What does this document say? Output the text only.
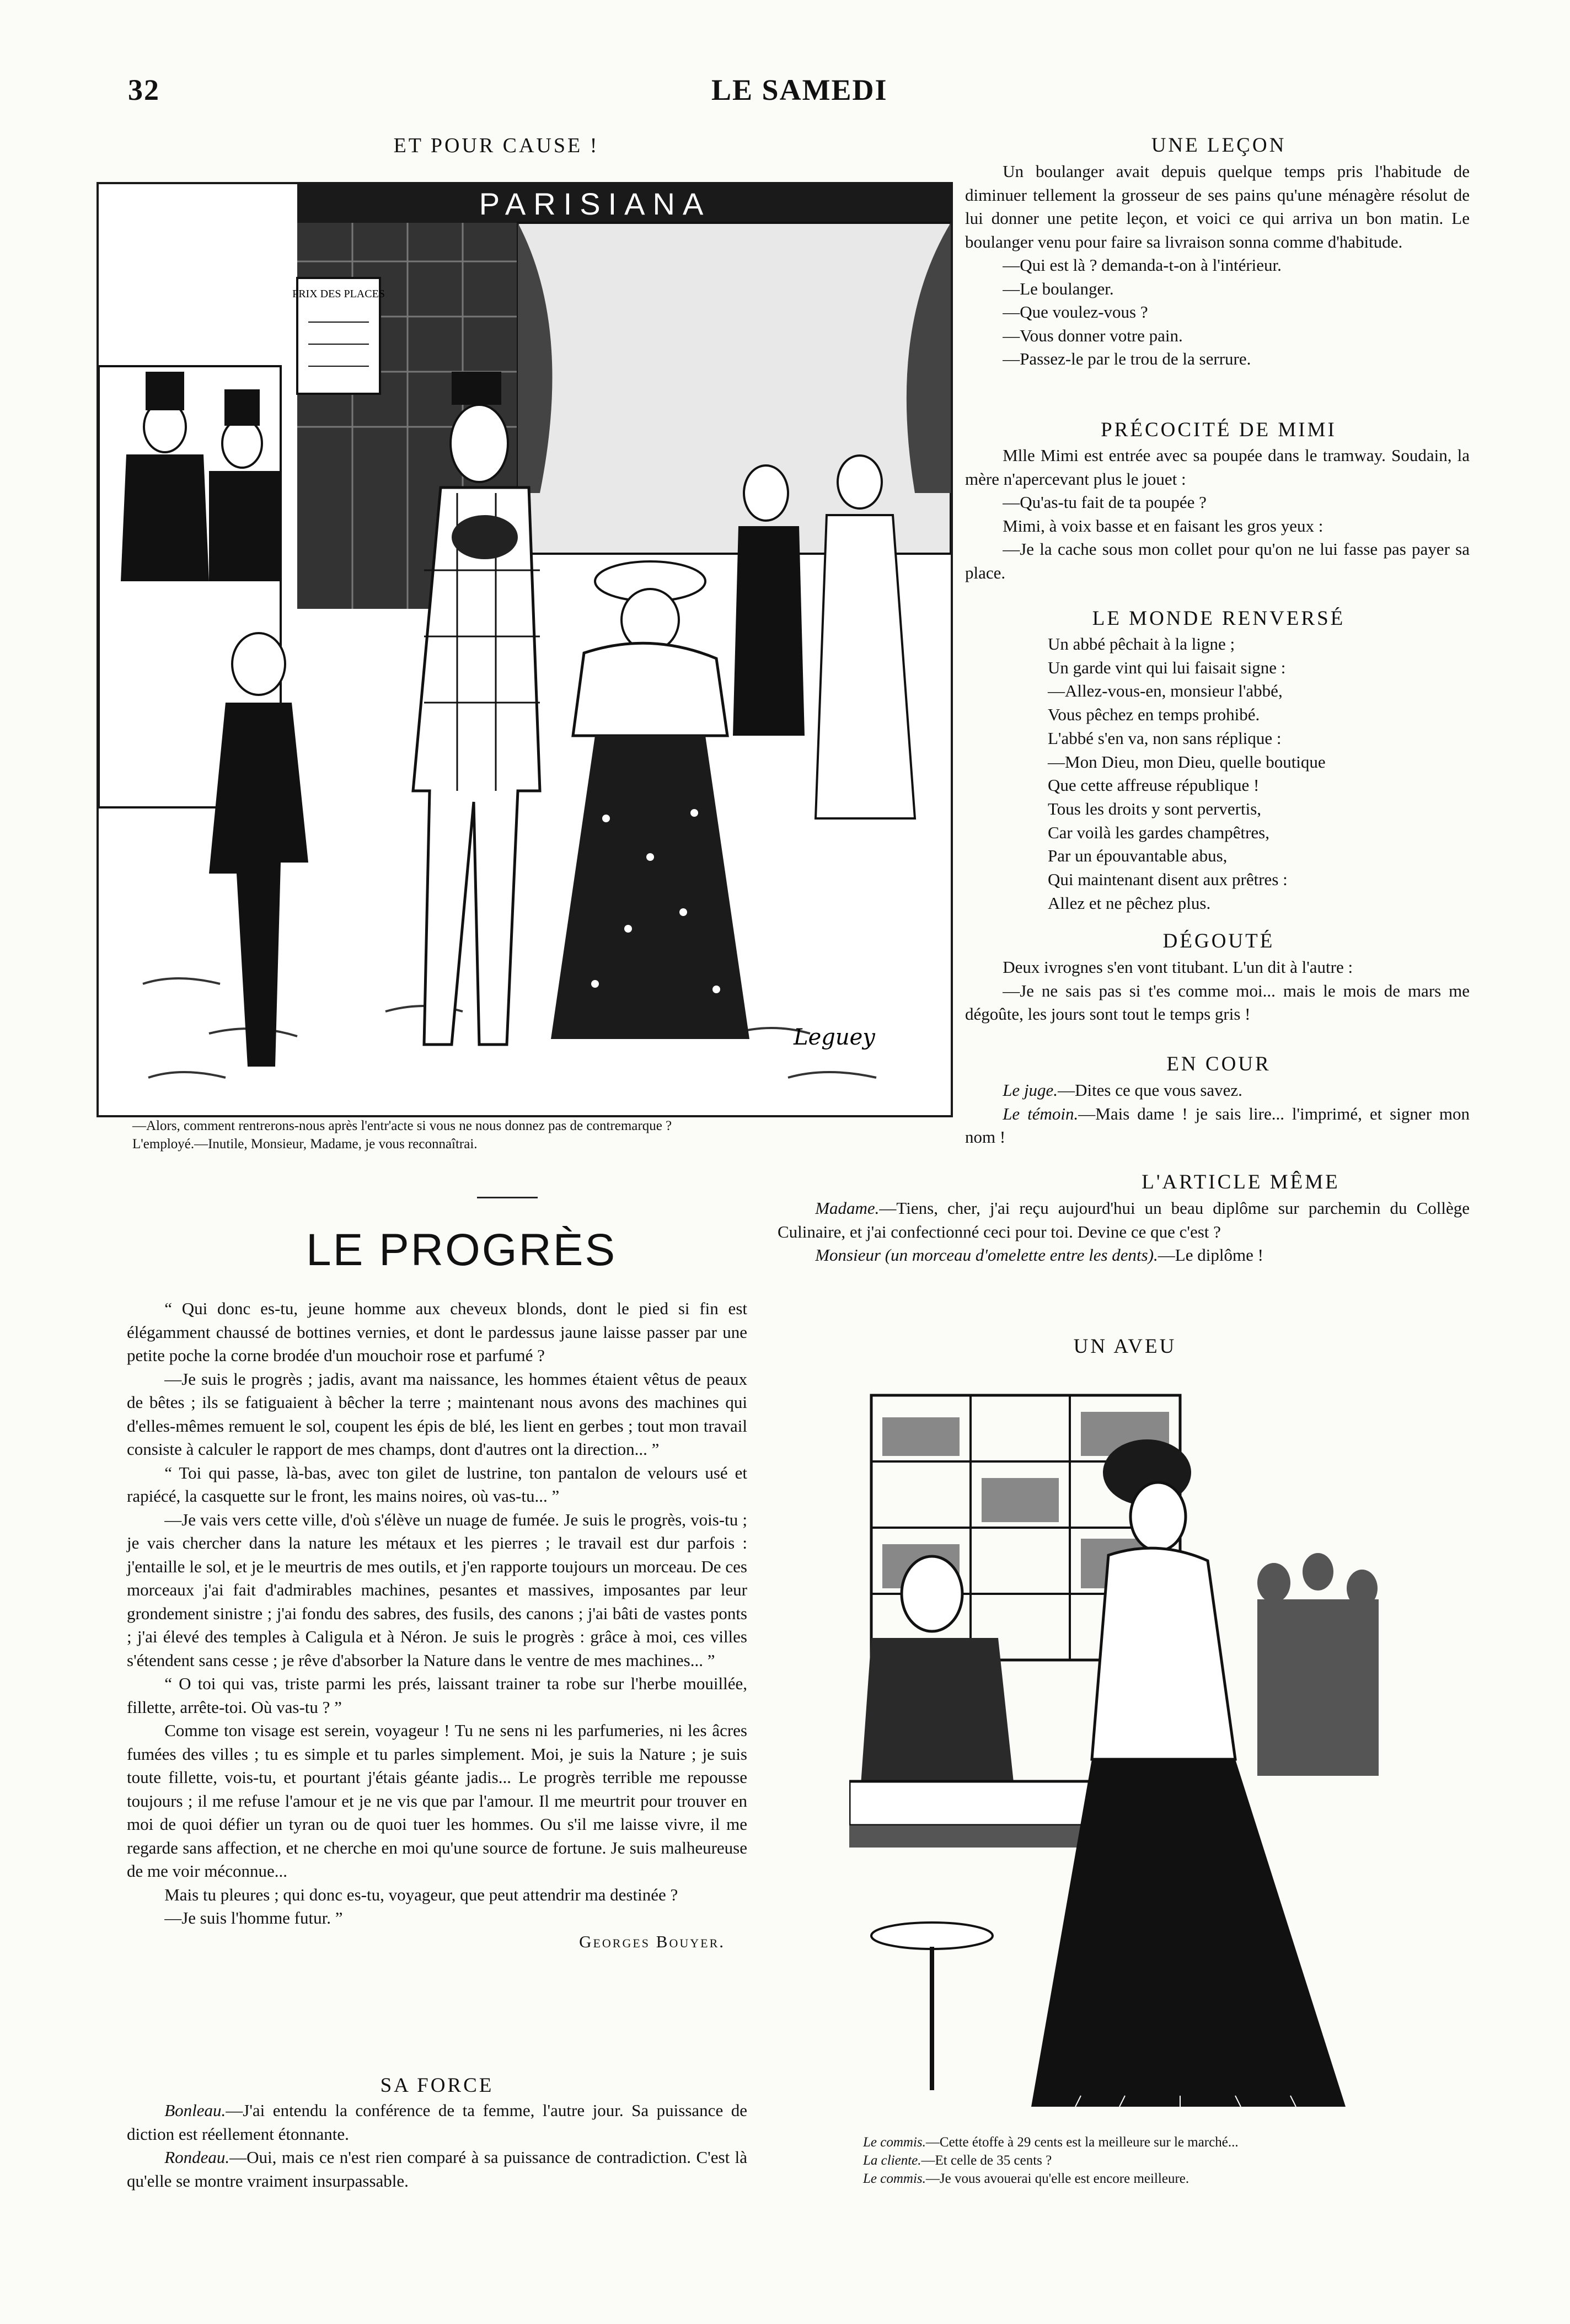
32	LE SAMEDI
ET POUR CAUSE !
PARISIANA
PRIX DES PLACES
Leguey
—Alors, comment rentrerons-nous après l'entr'acte si vous ne nous donnez pas de contremarque ?
L'employé.—Inutile, Monsieur, Madame, je vous reconnaîtrai.
UNE LEÇON

Un boulanger avait depuis quelque temps pris l'habitude de diminuer tellement la grosseur de ses pains qu'une ménagère résolut de lui donner une petite leçon, et voici ce qui arriva un bon matin. Le boulanger venu pour faire sa livraison sonna comme d'habitude.

—Qui est là ? demanda-t-on à l'intérieur.

—Le boulanger.

—Que voulez-vous ?

—Vous donner votre pain.

—Passez-le par le trou de la serrure.

PRÉCOCITÉ DE MIMI

Mlle Mimi est entrée avec sa poupée dans le tramway. Soudain, la mère n'apercevant plus le jouet :

—Qu'as-tu fait de ta poupée ?

Mimi, à voix basse et en faisant les gros yeux :

—Je la cache sous mon collet pour qu'on ne lui fasse pas payer sa place.

LE MONDE RENVERSÉ
Un abbé pêchait à la ligne ;
Un garde vint qui lui faisait signe :
—Allez-vous-en, monsieur l'abbé,
Vous pêchez en temps prohibé.
L'abbé s'en va, non sans réplique :
—Mon Dieu, mon Dieu, quelle boutique
Que cette affreuse république !
Tous les droits y sont pervertis,
Car voilà les gardes champêtres,
Par un épouvantable abus,
Qui maintenant disent aux prêtres :
Allez et ne pêchez plus.
DÉGOUTÉ

Deux ivrognes s'en vont titubant. L'un dit à l'autre :

—Je ne sais pas si t'es comme moi... mais le mois de mars me dégoûte, les jours sont tout le temps gris !

EN COUR

Le juge.—Dites ce que vous savez.

Le témoin.—Mais dame ! je sais lire... l'imprimé, et signer mon nom !

L'ARTICLE MÊME

Madame.—Tiens, cher, j'ai reçu aujourd'hui un beau diplôme sur parchemin du Collège Culinaire, et j'ai confectionné ceci pour toi. Devine ce que c'est ?

Monsieur (un morceau d'omelette entre les dents).—Le diplôme !

UN AVEU
Le commis.—Cette étoffe à 29 cents est la meilleure sur le marché...
La cliente.—Et celle de 35 cents ?
Le commis.—Je vous avouerai qu'elle est encore meilleure.
LE PROGRÈS

“ Qui donc es-tu, jeune homme aux cheveux blonds, dont le pied si fin est élégamment chaussé de bottines vernies, et dont le pardessus jaune laisse passer par une petite poche la corne brodée d'un mouchoir rose et parfumé ?

—Je suis le progrès ; jadis, avant ma naissance, les hommes étaient vêtus de peaux de bêtes ; ils se fatiguaient à bêcher la terre ; maintenant nous avons des machines qui d'elles-mêmes remuent le sol, coupent les épis de blé, les lient en gerbes ; tout mon travail consiste à calculer le rapport de mes champs, dont d'autres ont la direction... ”

“ Toi qui passe, là-bas, avec ton gilet de lustrine, ton pantalon de velours usé et rapiécé, la casquette sur le front, les mains noires, où vas-tu... ”

—Je vais vers cette ville, d'où s'élève un nuage de fumée. Je suis le progrès, vois-tu ; je vais chercher dans la nature les métaux et les pierres ; le travail est dur parfois : j'entaille le sol, et je le meurtris de mes outils, et j'en rapporte toujours un morceau. De ces morceaux j'ai fait d'admirables machines, pesantes et massives, imposantes par leur grondement sinistre ; j'ai fondu des sabres, des fusils, des canons ; j'ai bâti de vastes ponts ; j'ai élevé des temples à Caligula et à Néron. Je suis le progrès : grâce à moi, ces villes s'étendent sans cesse ; je rêve d'absorber la Nature dans le ventre de mes machines... ”

“ O toi qui vas, triste parmi les prés, laissant trainer ta robe sur l'herbe mouillée, fillette, arrête-toi. Où vas-tu ? ”

Comme ton visage est serein, voyageur ! Tu ne sens ni les parfumeries, ni les âcres fumées des villes ; tu es simple et tu parles simplement. Moi, je suis la Nature ; je suis toute fillette, vois-tu, et pourtant j'étais géante jadis... Le progrès terrible me repousse toujours ; il me refuse l'amour et je ne vis que par l'amour. Il me meurtrit pour trouver en moi de quoi défier un tyran ou de quoi tuer les hommes. Ou s'il me laisse vivre, il me regarde sans affection, et ne cherche en moi qu'une source de fortune. Je suis malheureuse de me voir méconnue...

Mais tu pleures ; qui donc es-tu, voyageur, que peut attendrir ma destinée ?

—Je suis l'homme futur. ”

Georges Bouyer.

SA FORCE

Bonleau.—J'ai entendu la conférence de ta femme, l'autre jour. Sa puissance de diction est réellement étonnante.

Rondeau.—Oui, mais ce n'est rien comparé à sa puissance de contradiction. C'est là qu'elle se montre vraiment insurpassable.
